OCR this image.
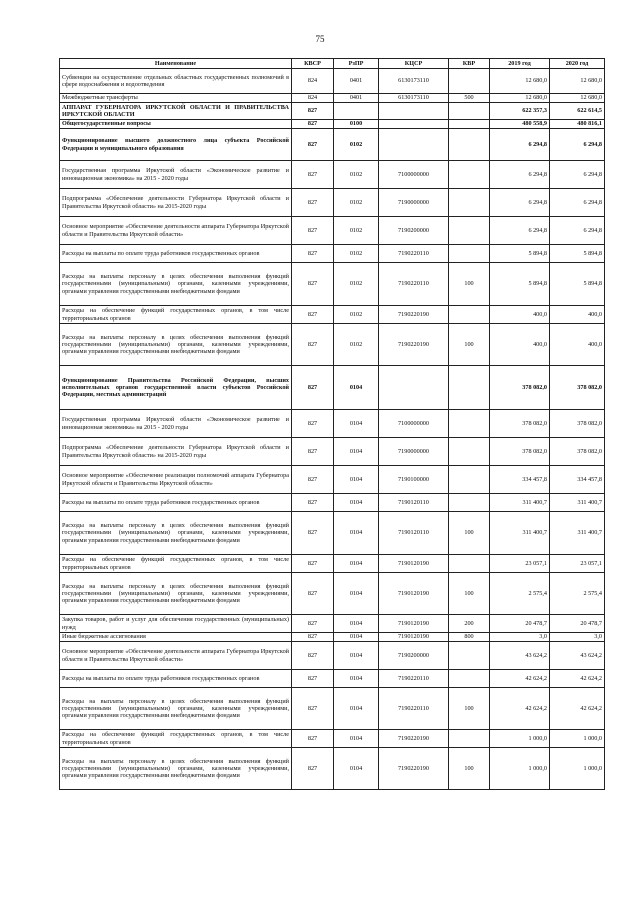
75
Наименование	КВСР	РзПР	КЦСР	КВР	2019 год	2020 год
Субвенции на осуществление отдельных областных государственных полномочий в сфере водоснабжения и водоотведения	824	0401	6130173110		12 680,0	12 680,0
Межбюджетные трансферты	824	0401	6130173110	500	12 680,0	12 680,0
АППАРАТ ГУБЕРНАТОРА ИРКУТСКОЙ ОБЛАСТИ И ПРАВИТЕЛЬСТВА ИРКУТСКОЙ ОБЛАСТИ	827				622 357,3	622 614,5
Общегосударственные вопросы	827	0100			480 558,9	480 816,1
Функционирование высшего должностного лица субъекта Российской Федерации и муниципального образования	827	0102			6 294,8	6 294,8
Государственная программа Иркутской области «Экономическое развитие и инновационная экономика» на 2015 - 2020 годы	827	0102	7100000000		6 294,8	6 294,8
Подпрограмма «Обеспечение деятельности Губернатора Иркутской области и Правительства Иркутской области» на 2015-2020 годы	827	0102	7190000000		6 294,8	6 294,8
Основное мероприятие «Обеспечение деятельности аппарата Губернатора Иркутской области и Правительства Иркутской области»	827	0102	7190200000		6 294,8	6 294,8
Расходы на выплаты по оплате труда работников государственных органов	827	0102	7190220110		5 894,8	5 894,8
Расходы на выплаты персоналу в целях обеспечения выполнения функций государственными (муниципальными) органами, казенными учреждениями, органами управления государственными внебюджетными фондами	827	0102	7190220110	100	5 894,8	5 894,8
Расходы на обеспечение функций государственных органов, в том числе территориальных органов	827	0102	7190220190		400,0	400,0
Расходы на выплаты персоналу в целях обеспечения выполнения функций государственными (муниципальными) органами, казенными учреждениями, органами управления государственными внебюджетными фондами	827	0102	7190220190	100	400,0	400,0
Функционирование Правительства Российской Федерации, высших исполнительных органов государственной власти субъектов Российской Федерации, местных администраций	827	0104			378 082,0	378 082,0
Государственная программа Иркутской области «Экономическое развитие и инновационная экономика» на 2015 - 2020 годы	827	0104	7100000000		378 082,0	378 082,0
Подпрограмма «Обеспечение деятельности Губернатора Иркутской области и Правительства Иркутской области» на 2015-2020 годы	827	0104	7190000000		378 082,0	378 082,0
Основное мероприятие «Обеспечение реализации полномочий аппарата Губернатора Иркутской области и Правительства Иркутской области»	827	0104	7190100000		334 457,8	334 457,8
Расходы на выплаты по оплате труда работников государственных органов	827	0104	7190120110		311 400,7	311 400,7
Расходы на выплаты персоналу в целях обеспечения выполнения функций государственными (муниципальными) органами, казенными учреждениями, органами управления государственными внебюджетными фондами	827	0104	7190120110	100	311 400,7	311 400,7
Расходы на обеспечение функций государственных органов, в том числе территориальных органов	827	0104	7190120190		23 057,1	23 057,1
Расходы на выплаты персоналу в целях обеспечения выполнения функций государственными (муниципальными) органами, казенными учреждениями, органами управления государственными внебюджетными фондами	827	0104	7190120190	100	2 575,4	2 575,4
Закупка товаров, работ и услуг для обеспечения государственных (муниципальных) нужд	827	0104	7190120190	200	20 478,7	20 478,7
Иные бюджетные ассигнования	827	0104	7190120190	800	3,0	3,0
Основное мероприятие «Обеспечение деятельности аппарата Губернатора Иркутской области и Правительства Иркутской области»	827	0104	7190200000		43 624,2	43 624,2
Расходы на выплаты по оплате труда работников государственных органов	827	0104	7190220110		42 624,2	42 624,2
Расходы на выплаты персоналу в целях обеспечения выполнения функций государственными (муниципальными) органами, казенными учреждениями, органами управления государственными внебюджетными фондами	827	0104	7190220110	100	42 624,2	42 624,2
Расходы на обеспечение функций государственных органов, в том числе территориальных органов	827	0104	7190220190		1 000,0	1 000,0
Расходы на выплаты персоналу в целях обеспечения выполнения функций государственными (муниципальными) органами, казенными учреждениями, органами управления государственными внебюджетными фондами	827	0104	7190220190	100	1 000,0	1 000,0
